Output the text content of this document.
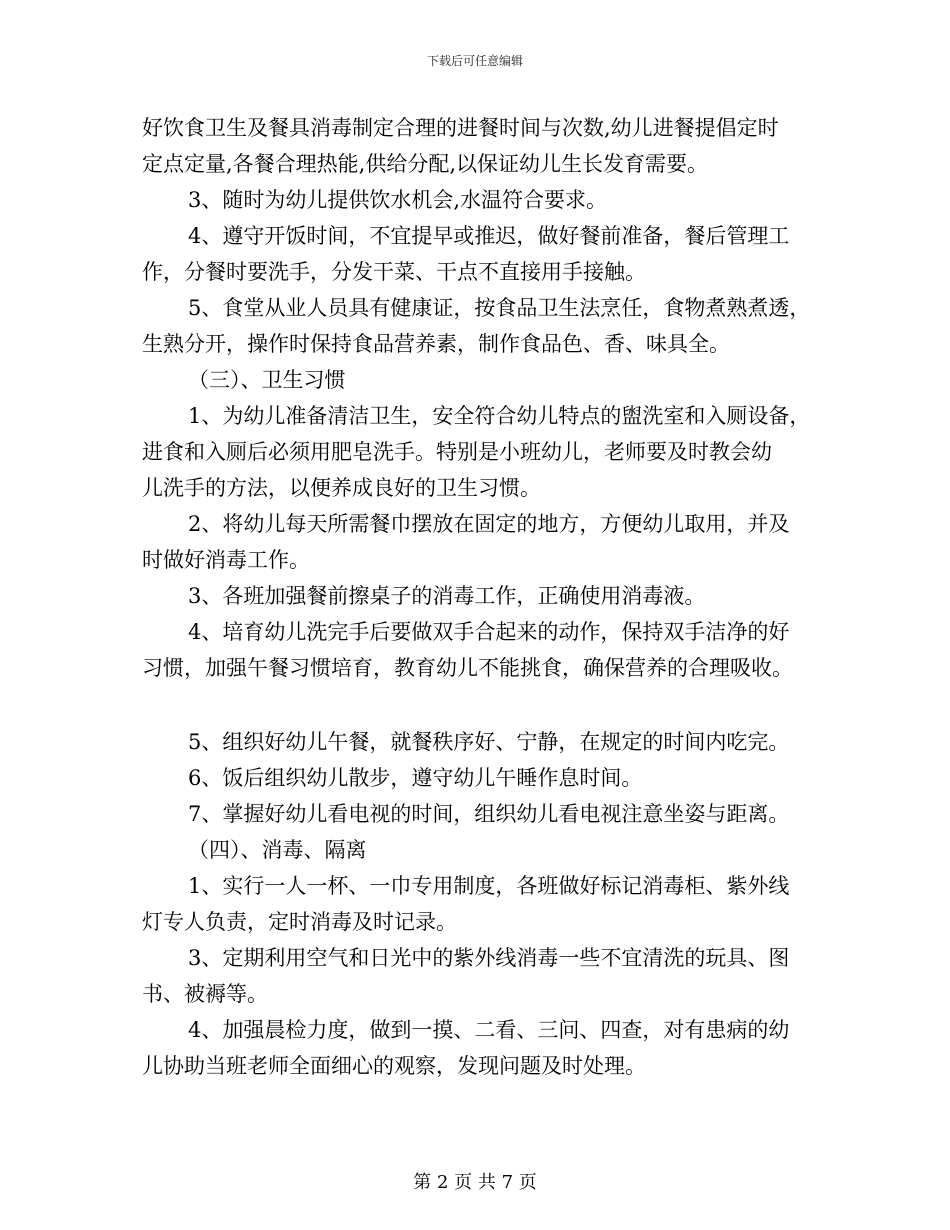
下载后可任意编辑
好饮食卫生及餐具消毒制定合理的进餐时间与次数,幼儿进餐提倡定时
定点定量,各餐合理热能,供给分配,以保证幼儿生长发育需要。
3、随时为幼儿提供饮水机会,水温符合要求。
4、遵守开饭时间，不宜提早或推迟，做好餐前准备，餐后管理工
作，分餐时要洗手，分发干菜、干点不直接用手接触。
5、食堂从业人员具有健康证，按食品卫生法烹任，食物煮熟煮透，
生熟分开，操作时保持食品营养素，制作食品色、香、味具全。
（三）、卫生习惯
1、为幼儿准备清洁卫生，安全符合幼儿特点的盥洗室和入厕设备，
进食和入厕后必须用肥皂洗手。特别是小班幼儿，老师要及时教会幼
儿洗手的方法，以便养成良好的卫生习惯。
2、将幼儿每天所需餐巾摆放在固定的地方，方便幼儿取用，并及
时做好消毒工作。
3、各班加强餐前擦桌子的消毒工作，正确使用消毒液。
4、培育幼儿洗完手后要做双手合起来的动作，保持双手洁净的好
习惯，加强午餐习惯培育，教育幼儿不能挑食，确保营养的合理吸收。
5、组织好幼儿午餐，就餐秩序好、宁静，在规定的时间内吃完。
6、饭后组织幼儿散步，遵守幼儿午睡作息时间。
7、掌握好幼儿看电视的时间，组织幼儿看电视注意坐姿与距离。
（四）、消毒、隔离
1、实行一人一杯、一巾专用制度，各班做好标记消毒柜、紫外线
灯专人负责，定时消毒及时记录。
3、定期利用空气和日光中的紫外线消毒一些不宜清洗的玩具、图
书、被褥等。
4、加强晨检力度，做到一摸、二看、三问、四查，对有患病的幼
儿协助当班老师全面细心的观察，发现问题及时处理。
第 2 页 共 7 页
